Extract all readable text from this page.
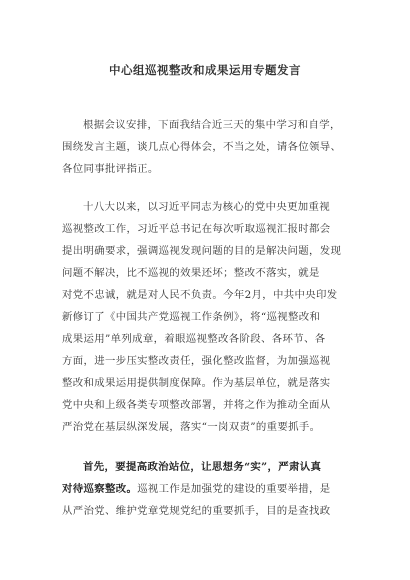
中心组巡视整改和成果运用专题发言
根据会议安排，下面我结合近三天的集中学习和自学，
围绕发言主题，谈几点心得体会，不当之处，请各位领导、
各位同事批评指正。
十八大以来，以习近平同志为核心的党中央更加重视
巡视整改工作，习近平总书记在每次听取巡视汇报时都会
提出明确要求，强调巡视发现问题的目的是解决问题，发现
问题不解决，比不巡视的效果还坏；整改不落实，就是
对党不忠诚，就是对人民不负责。今年2月，中共中央印发
新修订了《中国共产党巡视工作条例》，将“巡视整改和
成果运用”单列成章，着眼巡视整改各阶段、各环节、各
方面，进一步压实整改责任，强化整改监督，为加强巡视
整改和成果运用提供制度保障。作为基层单位，就是落实
党中央和上级各类专项整改部署，并将之作为推动全面从
严治党在基层纵深发展，落实“一岗双责”的重要抓手。
首先，要提高政治站位，让思想务“实”，严肃认真
对待巡察整改。巡视工作是加强党的建设的重要举措，是
从严治党、维护党章党规党纪的重要抓手，目的是查找政
